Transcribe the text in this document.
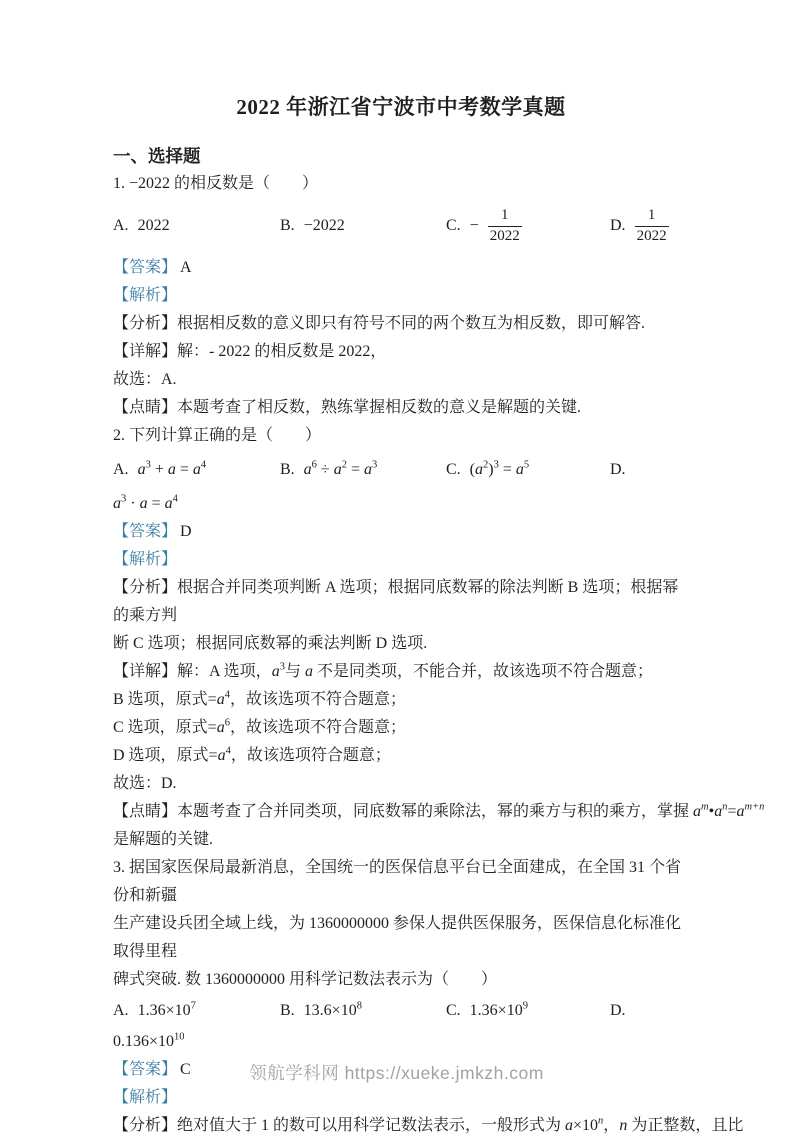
2022 年浙江省宁波市中考数学真题

一、选择题

1. −2022 的相反数是（　　）

A. 2022	B. −2022	C. − $\frac{1}{2022}$	D. $\frac{1}{2022}$

【答案】 A

【解析】

【分析】根据相反数的意义即只有符号不同的两个数互为相反数，即可解答.

【详解】解：- 2022 的相反数是 2022，

故选：A.

【点睛】本题考查了相反数，熟练掌握相反数的意义是解题的关键.

2. 下列计算正确的是（　　）

A. $a^3 + a = a^4$	B. $a^6 \div a^2 = a^3$	C. $(a^2)^3 = a^5$	D.

$a^3 \cdot a = a^4$

【答案】 D

【解析】

【分析】根据合并同类项判断 A 选项；根据同底数幂的除法判断 B 选项；根据幂的乘方判

断 C 选项；根据同底数幂的乘法判断 D 选项.

【详解】解：A 选项，$a^3$与 a 不是同类项，不能合并，故该选项不符合题意；

B 选项，原式$=a^4$，故该选项不符合题意；

C 选项，原式$=a^6$，故该选项不符合题意；

D 选项，原式$=a^4$，故该选项符合题意；

故选：D.

【点睛】本题考查了合并同类项，同底数幂的乘除法，幂的乘方与积的乘方，掌握 $a^m•a^n=a^{m+n}$

是解题的关键.

3. 据国家医保局最新消息，全国统一的医保信息平台已全面建成，在全国 31 个省份和新疆

生产建设兵团全域上线，为 1360000000 参保人提供医保服务，医保信息化标准化取得里程

碑式突破. 数 1360000000 用科学记数法表示为（　　）

A. $1.36\times 10^7$	B. $13.6\times 10^8$	C. $1.36\times 10^9$	D.

$0.136\times 10^{10}$

【答案】 C

【解析】

【分析】绝对值大于 1 的数可以用科学记数法表示，一般形式为 $a\times 10^n$，n 为正整数，且比

领航学科网 https://xueke.jmkzh.com
